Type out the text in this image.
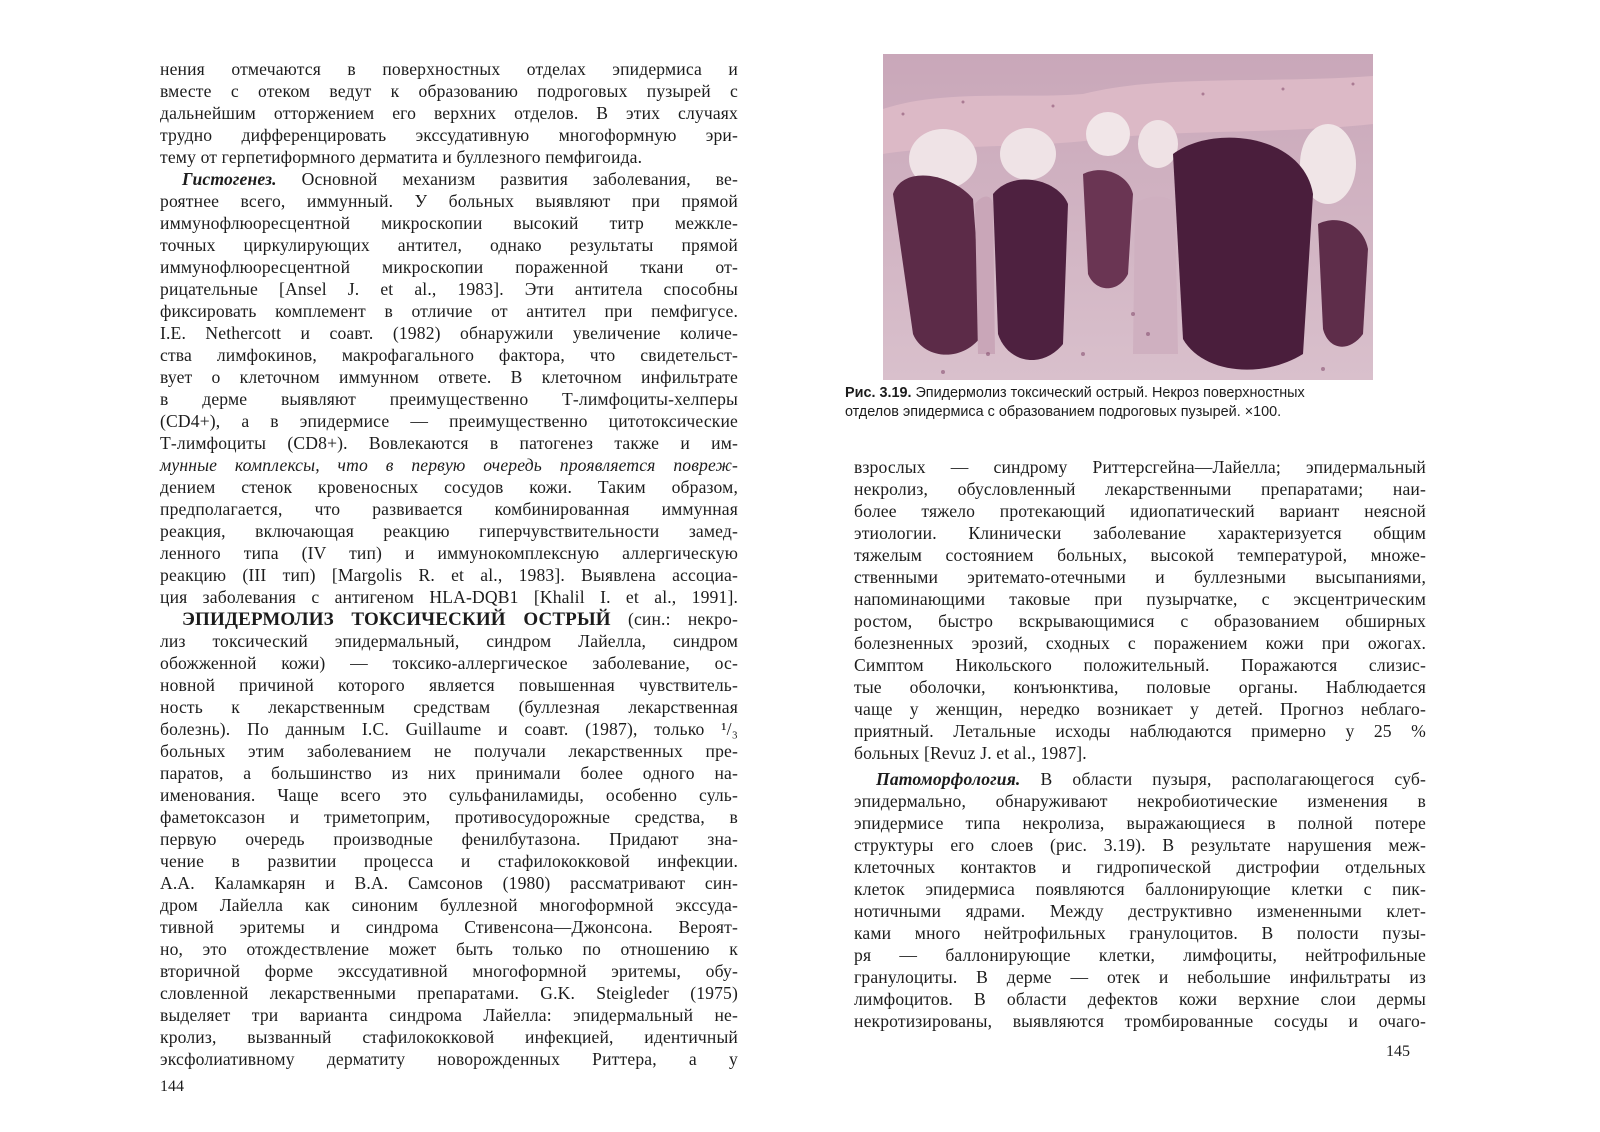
нения отмечаются в поверхностных отделах эпидермиса и
вместе с отеком ведут к образованию подроговых пузырей с
дальнейшим отторжением его верхних отделов. В этих случаях
трудно дифференцировать экссудативную многоформную эри-
тему от герпетиформного дерматита и буллезного пемфигоида.
Гистогенез. Основной механизм развития заболевания, ве-
роятнее всего, иммунный. У больных выявляют при прямой
иммунофлюоресцентной микроскопии высокий титр межкле-
точных циркулирующих антител, однако результаты прямой
иммунофлюоресцентной микроскопии пораженной ткани от-
рицательные [Ansel J. et al., 1983]. Эти антитела способны
фиксировать комплемент в отличие от антител при пемфигусе.
I.E. Nethercott и соавт. (1982) обнаружили увеличение количе-
ства лимфокинов, макрофагального фактора, что свидетельст-
вует о клеточном иммунном ответе. В клеточном инфильтрате
в дерме выявляют преимущественно Т-лимфоциты-хелперы
(CD4+), а в эпидермисе — преимущественно цитотоксические
Т-лимфоциты (CD8+). Вовлекаются в патогенез также и им-
мунные комплексы, что в первую очередь проявляется повреж-
дением стенок кровеносных сосудов кожи. Таким образом,
предполагается, что развивается комбинированная иммунная
реакция, включающая реакцию гиперчувствительности замед-
ленного типа (IV тип) и иммунокомплексную аллергическую
реакцию (III тип) [Margolis R. et al., 1983]. Выявлена ассоциа-
ция заболевания с антигеном HLA-DQB1 [Khalil I. et al., 1991].
ЭПИДЕРМОЛИЗ ТОКСИЧЕСКИЙ ОСТРЫЙ (син.: некро-
лиз токсический эпидермальный, синдром Лайелла, синдром
обожженной кожи) — токсико-аллергическое заболевание, ос-
новной причиной которого является повышенная чувствитель-
ность к лекарственным средствам (буллезная лекарственная
болезнь). По данным I.C. Guillaume и соавт. (1987), только ¹/₃
больных этим заболеванием не получали лекарственных пре-
паратов, а большинство из них принимали более одного на-
именования. Чаще всего это сульфаниламиды, особенно суль-
фаметоксазон и триметоприм, противосудорожные средства, в
первую очередь производные фенилбутазона. Придают зна-
чение в развитии процесса и стафилококковой инфекции.
А.А. Каламкарян и В.А. Самсонов (1980) рассматривают син-
дром Лайелла как синоним буллезной многоформной экссуда-
тивной эритемы и синдрома Стивенсона—Джонсона. Вероят-
но, это отождествление может быть только по отношению к
вторичной форме экссудативной многоформной эритемы, обу-
словленной лекарственными препаратами. G.K. Steigleder (1975)
выделяет три варианта синдрома Лайелла: эпидермальный не-
кролиз, вызванный стафилококковой инфекцией, идентичный
эксфолиативному дерматиту новорожденных Риттера, а у
144
Рис. 3.19. Эпидермолиз токсический острый. Некроз поверхностных
отделов эпидермиса с образованием подроговых пузырей. ×100.
взрослых — синдрому Риттерсгейна—Лайелла; эпидермальный
некролиз, обусловленный лекарственными препаратами; наи-
более тяжело протекающий идиопатический вариант неясной
этиологии. Клинически заболевание характеризуется общим
тяжелым состоянием больных, высокой температурой, множе-
ственными эритемато-отечными и буллезными высыпаниями,
напоминающими таковые при пузырчатке, с эксцентрическим
ростом, быстро вскрывающимися с образованием обширных
болезненных эрозий, сходных с поражением кожи при ожогах.
Симптом Никольского положительный. Поражаются слизис-
тые оболочки, конъюнктива, половые органы. Наблюдается
чаще у женщин, нередко возникает у детей. Прогноз неблаго-
приятный. Летальные исходы наблюдаются примерно у 25 %
больных [Revuz J. et al., 1987].
Патоморфология. В области пузыря, располагающегося суб-
эпидермально, обнаруживают некробиотические изменения в
эпидермисе типа некролиза, выражающиеся в полной потере
структуры его слоев (рис. 3.19). В результате нарушения меж-
клеточных контактов и гидропической дистрофии отдельных
клеток эпидермиса появляются баллонирующие клетки с пик-
нотичными ядрами. Между деструктивно измененными клет-
ками много нейтрофильных гранулоцитов. В полости пузы-
ря — баллонирующие клетки, лимфоциты, нейтрофильные
гранулоциты. В дерме — отек и небольшие инфильтраты из
лимфоцитов. В области дефектов кожи верхние слои дермы
некротизированы, выявляются тромбированные сосуды и очаго-
145
